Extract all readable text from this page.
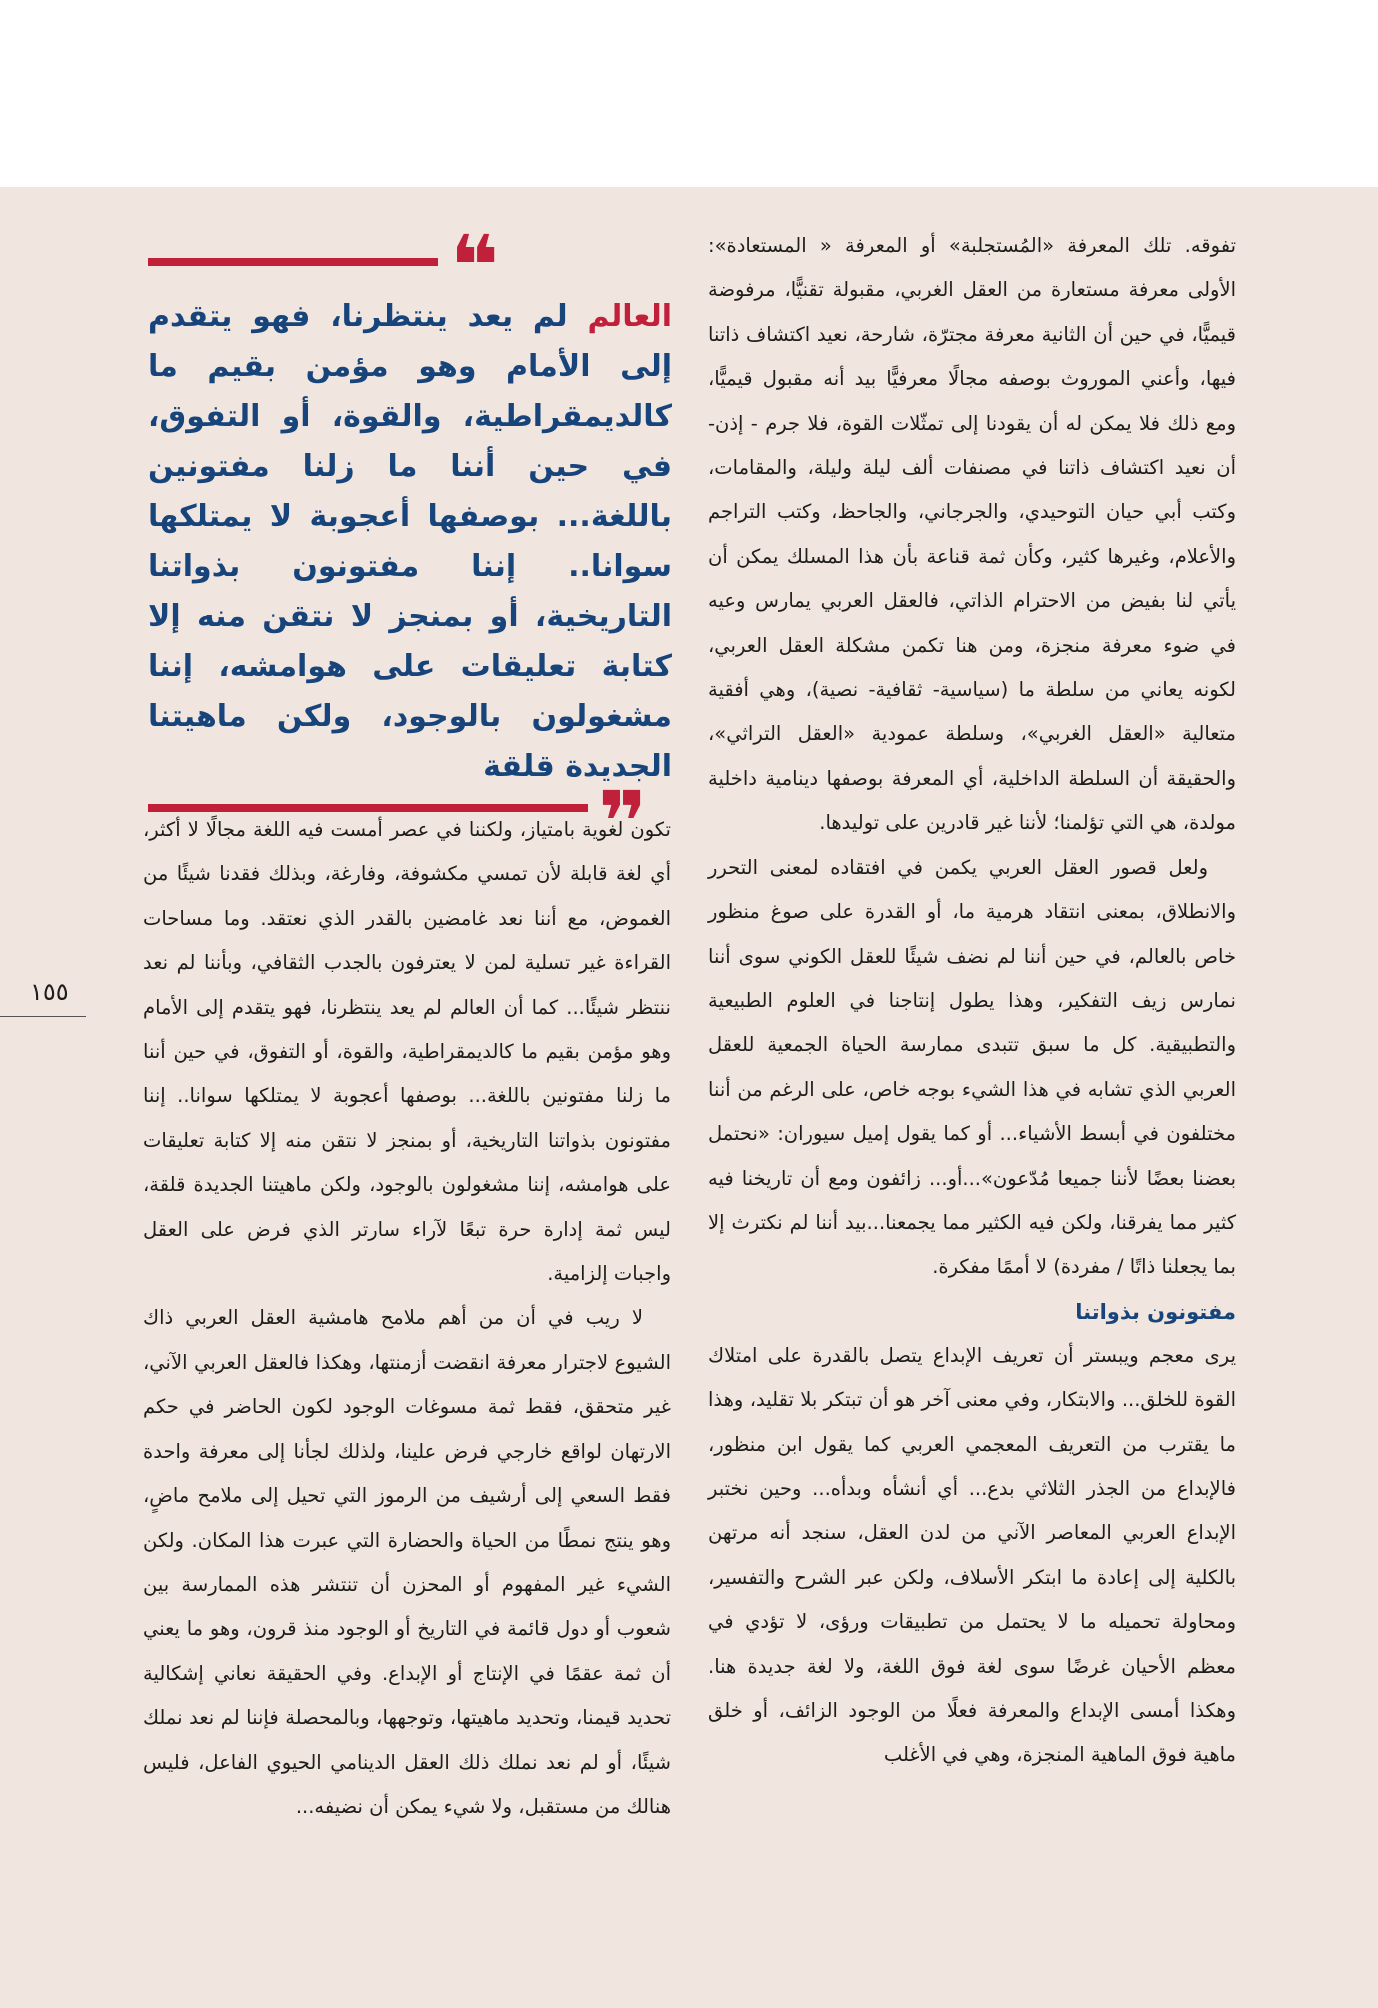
تفوقه. تلك المعرفة «المُستجلبة» أو المعرفة « المستعادة»: الأولى معرفة مستعارة من العقل الغربي، مقبولة تقنيًّا، مرفوضة قيميًّا، في حين أن الثانية معرفة مجترّة، شارحة، نعيد اكتشاف ذاتنا فيها، وأعني الموروث بوصفه مجالًا معرفيًّا بيد أنه مقبول قيميًّا، ومع ذلك فلا يمكن له أن يقودنا إلى تمثّلات القوة، فلا جرم - إذن- أن نعيد اكتشاف ذاتنا في مصنفات ألف ليلة وليلة، والمقامات، وكتب أبي حيان التوحيدي، والجرجاني، والجاحظ، وكتب التراجم والأعلام، وغيرها كثير، وكأن ثمة قناعة بأن هذا المسلك يمكن أن يأتي لنا بفيض من الاحترام الذاتي، فالعقل العربي يمارس وعيه في ضوء معرفة منجزة، ومن هنا تكمن مشكلة العقل العربي، لكونه يعاني من سلطة ما (سياسية- ثقافية- نصية)، وهي أفقية متعالية «العقل الغربي»، وسلطة عمودية «العقل التراثي»، والحقيقة أن السلطة الداخلية، أي المعرفة بوصفها دينامية داخلية مولدة، هي التي تؤلمنا؛ لأننا غير قادرين على توليدها.

ولعل قصور العقل العربي يكمن في افتقاده لمعنى التحرر والانطلاق، بمعنى انتقاد هرمية ما، أو القدرة على صوغ منظور خاص بالعالم، في حين أننا لم نضف شيئًا للعقل الكوني سوى أننا نمارس زيف التفكير، وهذا يطول إنتاجنا في العلوم الطبيعية والتطبيقية. كل ما سبق تتبدى ممارسة الحياة الجمعية للعقل العربي الذي تشابه في هذا الشيء بوجه خاص، على الرغم من أننا مختلفون في أبسط الأشياء... أو كما يقول إميل سيوران: «نحتمل بعضنا بعضًا لأننا جميعا مُدّعون»...أو... زائفون ومع أن تاريخنا فيه كثير مما يفرقنا، ولكن فيه الكثير مما يجمعنا...بيد أننا لم نكترث إلا بما يجعلنا ذاتًا / مفردة) لا أممًا مفكرة.

مفتونون بذواتنا

يرى معجم ويبستر أن تعريف الإبداع يتصل بالقدرة على امتلاك القوة للخلق... والابتكار، وفي معنى آخر هو أن تبتكر بلا تقليد، وهذا ما يقترب من التعريف المعجمي العربي كما يقول ابن منظور، فالإبداع من الجذر الثلاثي بدع... أي أنشأه وبدأه... وحين نختبر الإبداع العربي المعاصر الآني من لدن العقل، سنجد أنه مرتهن بالكلية إلى إعادة ما ابتكر الأسلاف، ولكن عبر الشرح والتفسير، ومحاولة تحميله ما لا يحتمل من تطبيقات ورؤى، لا تؤدي في معظم الأحيان غرضًا سوى لغة فوق اللغة، ولا لغة جديدة هنا. وهكذا أمسى الإبداع والمعرفة فعلًا من الوجود الزائف، أو خلق ماهية فوق الماهية المنجزة، وهي في الأغلب

❝
العالم لم يعد ينتظرنا، فهو يتقدم إلى الأمام وهو مؤمن بقيم ما كالديمقراطية، والقوة، أو التفوق، في حين أننا ما زلنا مفتونين باللغة... بوصفها أعجوبة لا يمتلكها سوانا.. إننا مفتونون بذواتنا التاريخية، أو بمنجز لا نتقن منه إلا كتابة تعليقات على هوامشه، إننا مشغولون بالوجود، ولكن ماهيتنا الجديدة قلقة
❞

تكون لغوية بامتياز، ولكننا في عصر أمست فيه اللغة مجالًا لا أكثر، أي لغة قابلة لأن تمسي مكشوفة، وفارغة، وبذلك فقدنا شيئًا من الغموض، مع أننا نعد غامضين بالقدر الذي نعتقد. وما مساحات القراءة غير تسلية لمن لا يعترفون بالجدب الثقافي، وبأننا لم نعد ننتظر شيئًا... كما أن العالم لم يعد ينتظرنا، فهو يتقدم إلى الأمام وهو مؤمن بقيم ما كالديمقراطية، والقوة، أو التفوق، في حين أننا ما زلنا مفتونين باللغة... بوصفها أعجوبة لا يمتلكها سوانا.. إننا مفتونون بذواتنا التاريخية، أو بمنجز لا نتقن منه إلا كتابة تعليقات على هوامشه، إننا مشغولون بالوجود، ولكن ماهيتنا الجديدة قلقة، ليس ثمة إدارة حرة تبعًا لآراء سارتر الذي فرض على العقل واجبات إلزامية.

لا ريب في أن من أهم ملامح هامشية العقل العربي ذاك الشيوع لاجترار معرفة انقضت أزمنتها، وهكذا فالعقل العربي الآني، غير متحقق، فقط ثمة مسوغات الوجود لكون الحاضر في حكم الارتهان لواقع خارجي فرض علينا، ولذلك لجأنا إلى معرفة واحدة فقط السعي إلى أرشيف من الرموز التي تحيل إلى ملامح ماضٍ، وهو ينتج نمطًا من الحياة والحضارة التي عبرت هذا المكان. ولكن الشيء غير المفهوم أو المحزن أن تنتشر هذه الممارسة بين شعوب أو دول قائمة في التاريخ أو الوجود منذ قرون، وهو ما يعني أن ثمة عقمًا في الإنتاج أو الإبداع. وفي الحقيقة نعاني إشكالية تحديد قيمنا، وتحديد ماهيتها، وتوجهها، وبالمحصلة فإننا لم نعد نملك شيئًا، أو لم نعد نملك ذلك العقل الدينامي الحيوي الفاعل، فليس هنالك من مستقبل، ولا شيء يمكن أن نضيفه...

١٥٥
